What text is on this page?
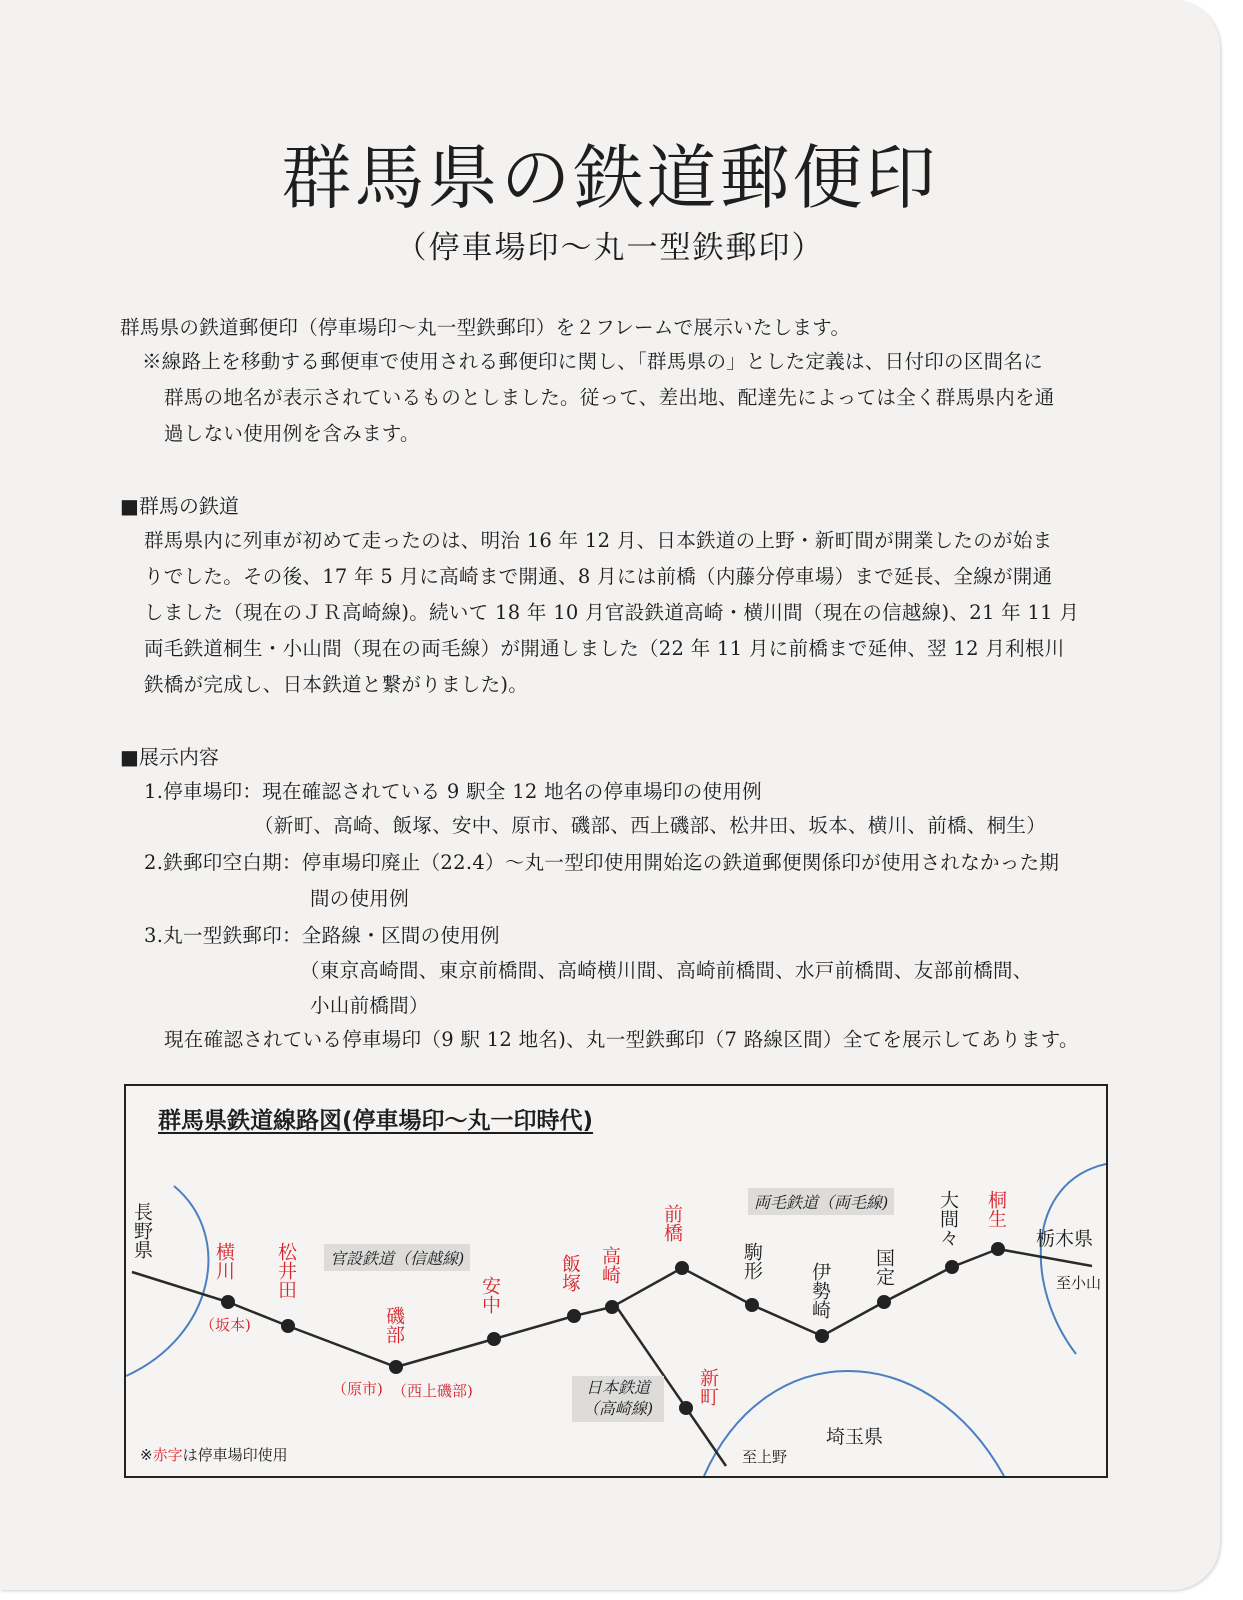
群馬県の鉄道郵便印
（停車場印～丸一型鉄郵印）
群馬県の鉄道郵便印（停車場印～丸一型鉄郵印）を２フレームで展示いたします。
※線路上を移動する郵便車で使用される郵便印に関し、「群馬県の」とした定義は、日付印の区間名に
群馬の地名が表示されているものとしました。従って、差出地、配達先によっては全く群馬県内を通
過しない使用例を含みます。
■群馬の鉄道
群馬県内に列車が初めて走ったのは、明治 16 年 12 月、日本鉄道の上野・新町間が開業したのが始ま
りでした。その後、17 年 5 月に高崎まで開通、8 月には前橋（内藤分停車場）まで延長、全線が開通
しました（現在のＪＲ高崎線)。続いて 18 年 10 月官設鉄道高崎・横川間（現在の信越線)、21 年 11 月
両毛鉄道桐生・小山間（現在の両毛線）が開通しました（22 年 11 月に前橋まで延伸、翌 12 月利根川
鉄橋が完成し、日本鉄道と繋がりました)。
■展示内容
1.停車場印：現在確認されている 9 駅全 12 地名の停車場印の使用例
（新町、高崎、飯塚、安中、原市、磯部、西上磯部、松井田、坂本、横川、前橋、桐生）
2.鉄郵印空白期：停車場印廃止（22.4）～丸一型印使用開始迄の鉄道郵便関係印が使用されなかった期
間の使用例
3.丸一型鉄郵印：全路線・区間の使用例
（東京高崎間、東京前橋間、高崎横川間、高崎前橋間、水戸前橋間、友部前橋間、
小山前橋間）
現在確認されている停車場印（9 駅 12 地名)、丸一型鉄郵印（7 路線区間）全てを展示してあります。
群馬県鉄道線路図(停車場印～丸一印時代)
長野県	栃木県
埼玉県
官設鉄道（信越線)
両毛鉄道（両毛線)
日本鉄道（高崎線)
横川
（坂本)
松井田
磯部
（原市) （西上磯部)
安中
飯塚 高崎
前橋
新町
駒形
伊勢崎 国定
大間々 桐生
至小山
至上野
※赤字は停車場印使用
